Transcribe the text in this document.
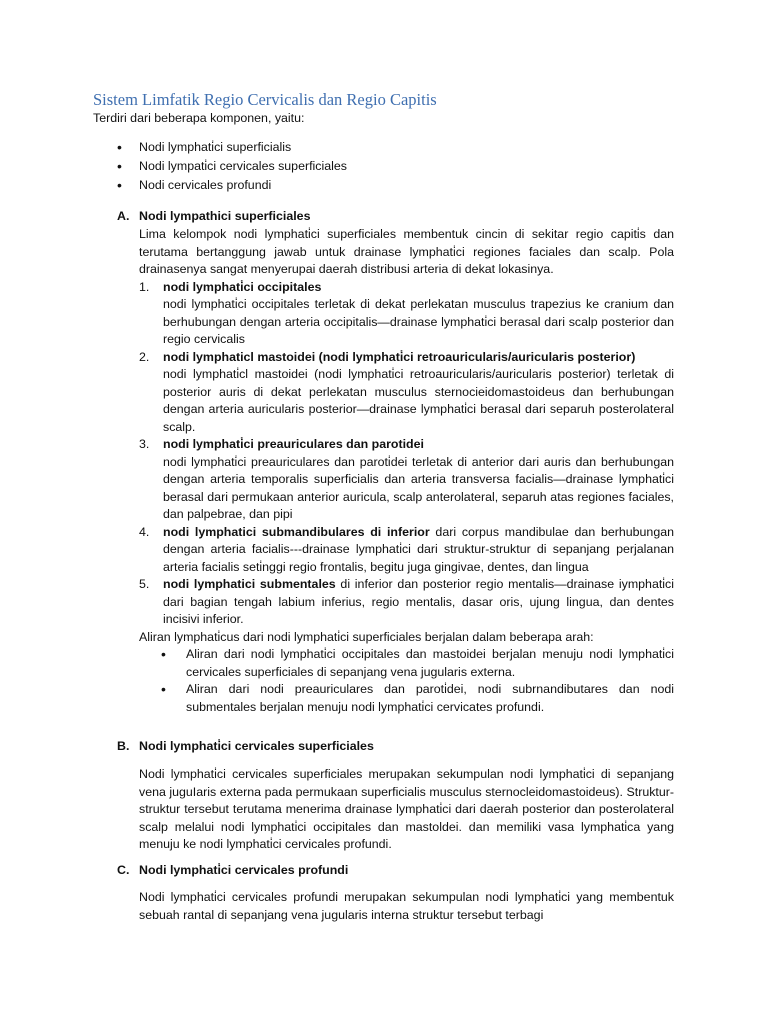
Sistem Limfatik Regio Cervicalis dan Regio Capitis
Terdiri dari beberapa komponen, yaitu:
• Nodi lymphati̇ci superficialis
• Nodi lympati̇ci cervicales superficiales
• Nodi cervicales profundi
A. Nodi lympathici superficiales

Lima kelompok nodi lymphati̇ci superficiales membentuk cincin di sekitar regio capiti̇s dan terutama bertanggung jawab untuk drainase lymphati̇ci regiones faciales dan scalp. Pola drainasenya sangat menyerupai daerah distribusi arteria di dekat lokasinya.

1. nodi lymphati̇ci occipitales
nodi lymphati̇ci occipitales terletak di dekat perlekatan musculus trapezius ke cranium dan berhubungan dengan arteria occipitalis—drainase lymphati̇ci berasal dari scalp posterior dan regio cervicalis
2. nodi lymphaticl mastoidei (nodi lymphati̇ci retroauricularis/auricularis posterior)
nodi lymphati̇cl mastoidei (nodi lymphati̇ci retroauricularis/auricularis posterior) terletak di posterior auris di dekat perlekatan musculus sternocieidomastoideus dan berhubungan dengan arteria auricularis posterior—drainase lymphati̇ci berasal dari separuh posterolateral scalp.
3. nodi lymphati̇ci preauriculares dan parotidei
nodi lymphati̇ci preauriculares dan paroti̇dei terletak di anterior dari auris dan berhubungan dengan arteria temporalis superficialis dan arteria transversa facialis—drainase lymphati̇ci berasal dari permukaan anterior auricula, scalp anterolateral, separuh atas regiones faciales, dan palpebrae, dan pipi
4. nodi lymphatici submandibulares di inferior dari corpus mandibulae dan berhubungan dengan arteria facialis---drainase lymphati̇ci dari struktur-struktur di sepanjang perjalanan arteria facialis seti̇nggi regio frontalis, begitu juga gingivae, dentes, dan lingua
5. nodi lymphatici submentales di inferior dan posterior regio mentalis—drainase iymphati̇ci dari bagian tengah labium inferius, regio mentalis, dasar oris, ujung lingua, dan dentes incisivi inferior.

Aliran lymphati̇cus dari nodi lymphati̇ci superficiales berjalan dalam beberapa arah:

• Aliran dari nodi lymphati̇ci occipitales dan mastoidei berjalan menuju nodi lymphati̇ci cervicales superficiales di sepanjang vena jugularis externa.
• Aliran dari nodi preauriculares dan paroti̇dei, nodi subrnandibutares dan nodi submentales berjalan menuju nodi lymphati̇ci cervicates profundi.
B. Nodi lymphati̇ci cervicales superficiales

Nodi lymphati̇ci cervicales superficiales merupakan sekumpulan nodi lymphati̇ci di sepanjang vena juguIaris externa pada permukaan superficialis musculus sternocleidomastoideus). Struktur-struktur tersebut terutama menerima drainase lymphati̇ci dari daerah posterior dan posterolateral scalp melalui nodi lymphati̇ci occipitales dan mastoldei. dan memiliki vasa lymphati̇ca yang menuju ke nodi lymphati̇ci cervicales profundi.

C. Nodi lymphati̇ci cervicales profundi

Nodi lymphati̇ci cervicales profundi merupakan sekumpulan nodi lymphati̇ci yang membentuk sebuah rantal di sepanjang vena jugularis interna struktur tersebut terbagi
